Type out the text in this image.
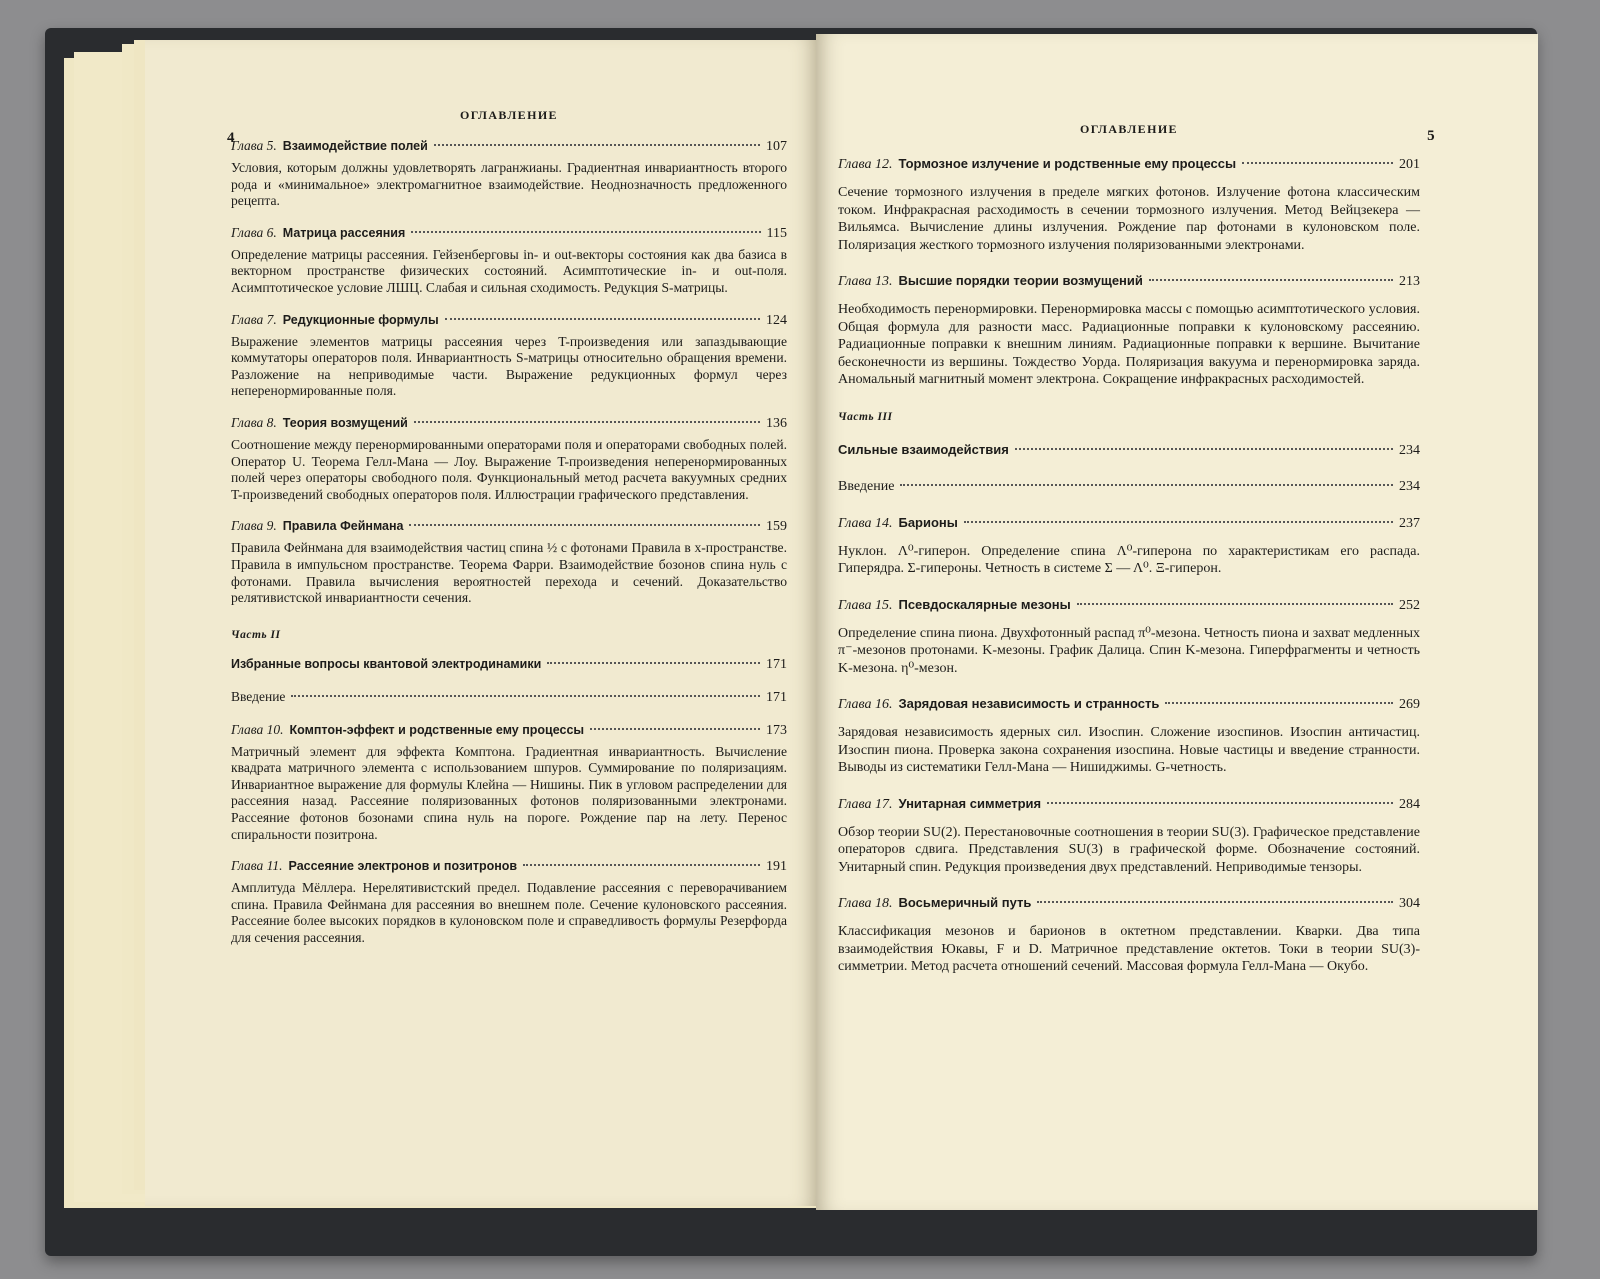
ОГЛАВЛЕНИЕ
4
Глава 5. Взаимодействие полей	107
Условия, которым должны удовлетворять лагранжианы. Градиентная инвариантность второго рода и «минимальное» электромагнитное взаимодействие. Неоднозначность предложенного рецепта.
Глава 6. Матрица рассеяния	115
Определение матрицы рассеяния. Гейзенберговы in- и out-векторы состояния как два базиса в векторном пространстве физических состояний. Асимптотические in- и out-поля. Асимптотическое условие ЛШЦ. Слабая и сильная сходимость. Редукция S-матрицы.
Глава 7. Редукционные формулы	124
Выражение элементов матрицы рассеяния через T-произведения или запаздывающие коммутаторы операторов поля. Инвариантность S-матрицы относительно обращения времени. Разложение на неприводимые части. Выражение редукционных формул через неперенормированные поля.
Глава 8. Теория возмущений	136
Соотношение между перенормированными операторами поля и операторами свободных полей. Оператор U. Теорема Гелл-Мана — Лоу. Выражение T-произведения неперенормированных полей через операторы свободного поля. Функциональный метод расчета вакуумных средних T-произведений свободных операторов поля. Иллюстрации графического представления.
Глава 9. Правила Фейнмана	159
Правила Фейнмана для взаимодействия частиц спина ½ с фотонами Правила в x-пространстве. Правила в импульсном пространстве. Теорема Фарри. Взаимодействие бозонов спина нуль с фотонами. Правила вычисления вероятностей перехода и сечений. Доказательство релятивистской инвариантности сечения.
Часть II
Избранные вопросы квантовой электродинамики	171
Введение	171
Глава 10. Комптон-эффект и родственные ему процессы	173
Матричный элемент для эффекта Комптона. Градиентная инвариантность. Вычисление квадрата матричного элемента с использованием шпуров. Суммирование по поляризациям. Инвариантное выражение для формулы Клейна — Нишины. Пик в угловом распределении для рассеяния назад. Рассеяние поляризованных фотонов поляризованными электронами. Рассеяние фотонов бозонами спина нуль на пороге. Рождение пар на лету. Перенос спиральности позитрона.
Глава 11. Рассеяние электронов и позитронов	191
Амплитуда Мёллера. Нерелятивистский предел. Подавление рассеяния с переворачиванием спина. Правила Фейнмана для рассеяния во внешнем поле. Сечение кулоновского рассеяния. Рассеяние более высоких порядков в кулоновском поле и справедливость формулы Резерфорда для сечения рассеяния.
ОГЛАВЛЕНИЕ	5
Глава 12. Тормозное излучение и родственные ему процессы	201
Сечение тормозного излучения в пределе мягких фотонов. Излучение фотона классическим током. Инфракрасная расходимость в сечении тормозного излучения. Метод Вейцзекера — Вильямса. Вычисление длины излучения. Рождение пар фотонами в кулоновском поле. Поляризация жесткого тормозного излучения поляризованными электронами.
Глава 13. Высшие порядки теории возмущений	213
Необходимость перенормировки. Перенормировка массы с помощью асимптотического условия. Общая формула для разности масс. Радиационные поправки к кулоновскому рассеянию. Радиационные поправки к внешним линиям. Радиационные поправки к вершине. Вычитание бесконечности из вершины. Тождество Уорда. Поляризация вакуума и перенормировка заряда. Аномальный магнитный момент электрона. Сокращение инфракрасных расходимостей.
Часть III
Сильные взаимодействия	234
Введение	234
Глава 14. Барионы	237
Нуклон. Λ⁰-гиперон. Определение спина Λ⁰-гиперона по характеристикам его распада. Гиперядра. Σ-гипероны. Четность в системе Σ — Λ⁰. Ξ-гиперон.
Глава 15. Псевдоскалярные мезоны	252
Определение спина пиона. Двухфотонный распад π⁰-мезона. Четность пиона и захват медленных π⁻-мезонов протонами. K-мезоны. График Далица. Спин K-мезона. Гиперфрагменты и четность K-мезона. η⁰-мезон.
Глава 16. Зарядовая независимость и странность	269
Зарядовая независимость ядерных сил. Изоспин. Сложение изоспинов. Изоспин античастиц. Изоспин пиона. Проверка закона сохранения изоспина. Новые частицы и введение странности. Выводы из систематики Гелл-Мана — Нишиджимы. G-четность.
Глава 17. Унитарная симметрия	284
Обзор теории SU(2). Перестановочные соотношения в теории SU(3). Графическое представление операторов сдвига. Представления SU(3) в графической форме. Обозначение состояний. Унитарный спин. Редукция произведения двух представлений. Неприводимые тензоры.
Глава 18. Восьмеричный путь	304
Классификация мезонов и барионов в октетном представлении. Кварки. Два типа взаимодействия Юкавы, F и D. Матричное представление октетов. Токи в теории SU(3)-симметрии. Метод расчета отношений сечений. Массовая формула Гелл-Мана — Окубо.
